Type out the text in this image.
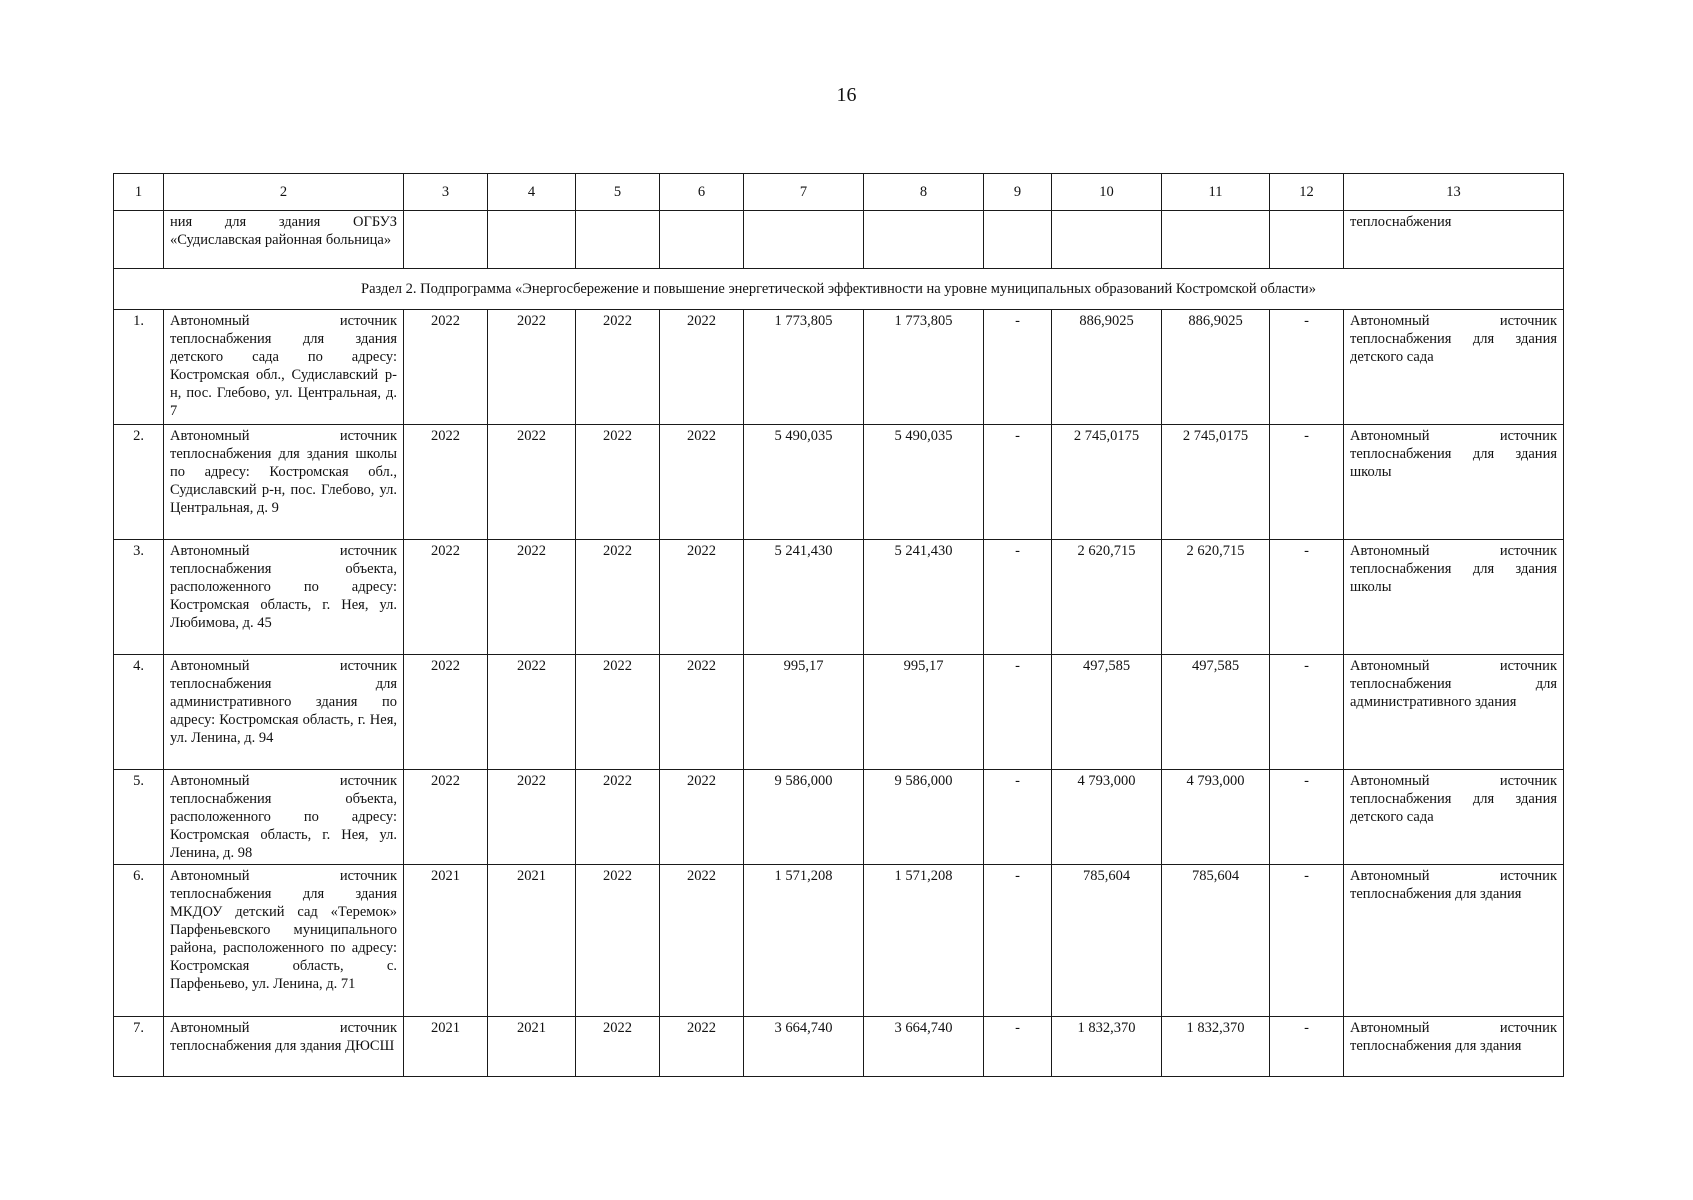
16
1	2	3	4	5	6	7	8	9	10	11	12	13
	ния для здания ОГБУЗ «Судиславская районная больница»											теплоснабжения
Раздел 2. Подпрограмма «Энергосбережение и повышение энергетической эффективности на уровне муниципальных образований Костромской области»												
1.	Автономный источник теплоснабжения для здания детского сада по адресу: Костромская обл., Судиславский р-н, пос. Глебово, ул. Центральная, д. 7	2022	2022	2022	2022	1 773,805	1 773,805	-	886,9025	886,9025	-	Автономный источник теплоснабжения для здания детского сада
2.	Автономный источник теплоснабжения для здания школы по адресу: Костромская обл., Судиславский р-н, пос. Глебово, ул. Центральная, д. 9	2022	2022	2022	2022	5 490,035	5 490,035	-	2 745,0175	2 745,0175	-	Автономный источник теплоснабжения для здания школы
3.	Автономный источник теплоснабжения объекта, расположенного по адресу: Костромская область, г. Нея, ул. Любимова, д. 45	2022	2022	2022	2022	5 241,430	5 241,430	-	2 620,715	2 620,715	-	Автономный источник теплоснабжения для здания школы
4.	Автономный источник теплоснабжения для административного здания по адресу: Костромская область, г. Нея, ул. Ленина, д. 94	2022	2022	2022	2022	995,17	995,17	-	497,585	497,585	-	Автономный источник теплоснабжения для административного здания
5.	Автономный источник теплоснабжения объекта, расположенного по адресу: Костромская область, г. Нея, ул. Ленина, д. 98	2022	2022	2022	2022	9 586,000	9 586,000	-	4 793,000	4 793,000	-	Автономный источник теплоснабжения для здания детского сада
6.	Автономный источник теплоснабжения для здания МКДОУ детский сад «Теремок» Парфеньевского муниципального района, расположенного по адресу: Костромская область, с. Парфеньево, ул. Ленина, д. 71	2021	2021	2022	2022	1 571,208	1 571,208	-	785,604	785,604	-	Автономный источник теплоснабжения для здания
7.	Автономный источник теплоснабжения для здания ДЮСШ	2021	2021	2022	2022	3 664,740	3 664,740	-	1 832,370	1 832,370	-	Автономный источник теплоснабжения для здания
